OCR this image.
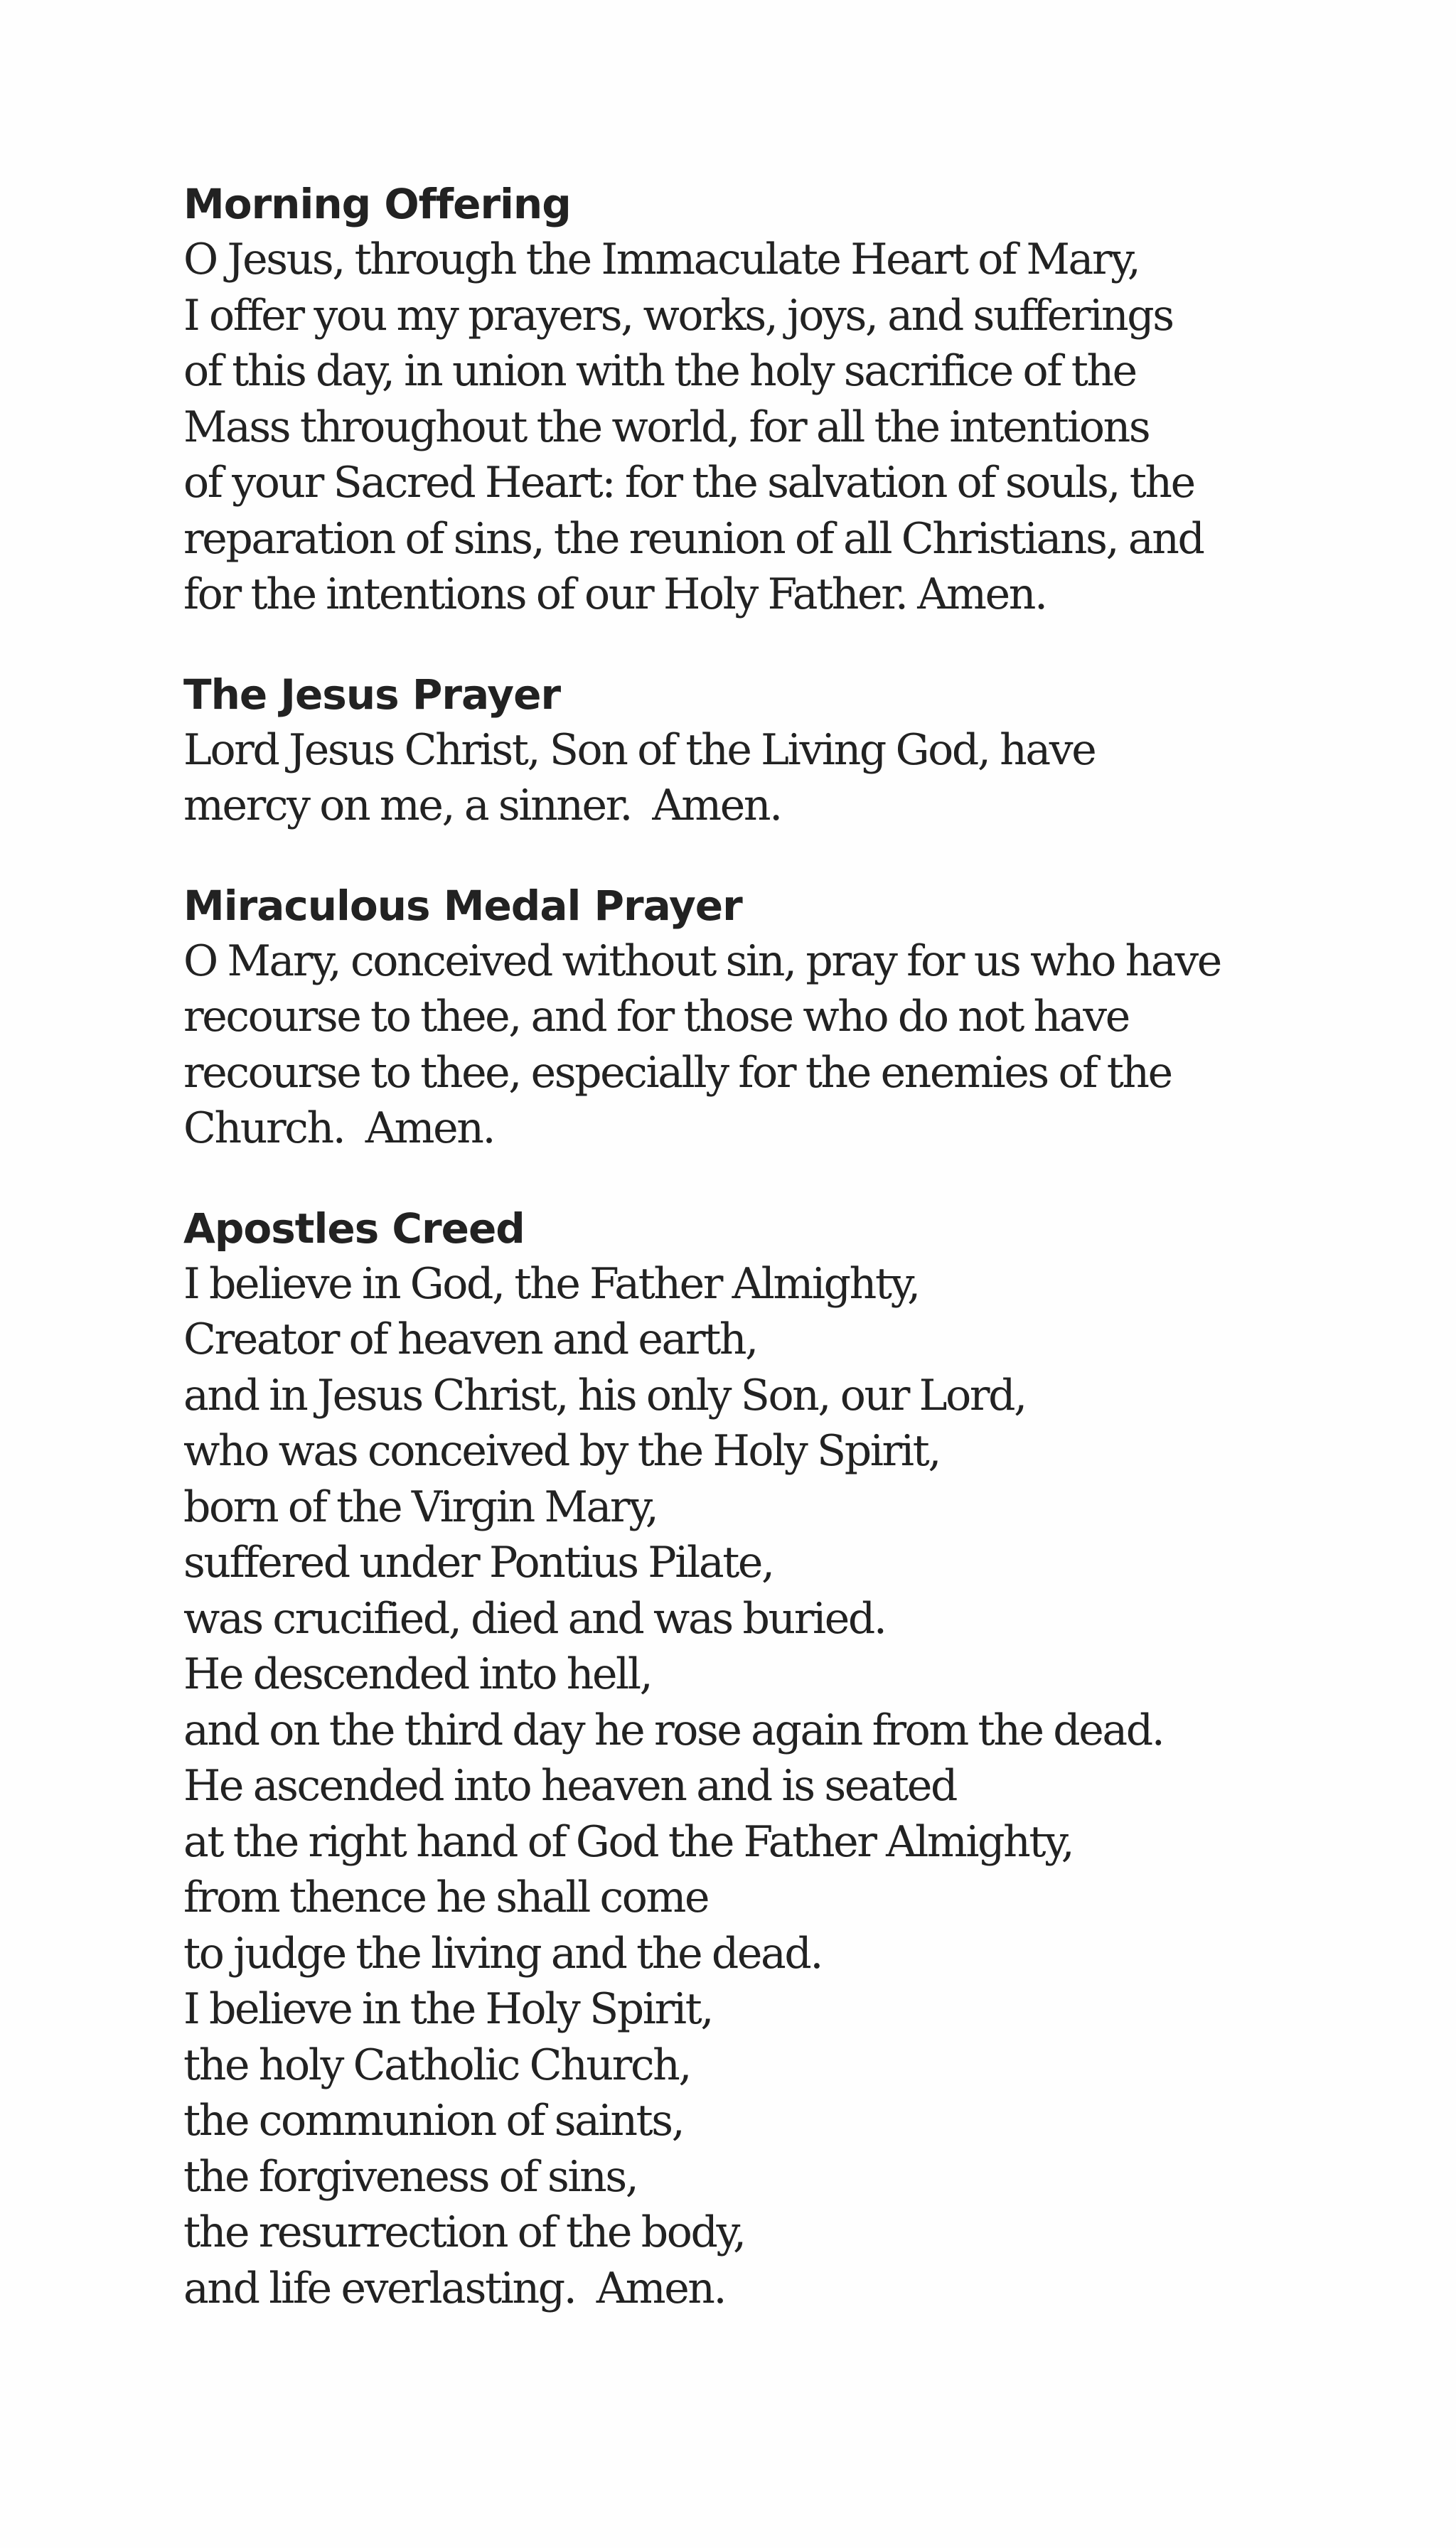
Morning Offering
O Jesus, through the Immaculate Heart of Mary,
I offer you my prayers, works, joys, and sufferings
of this day, in union with the holy sacrifice of the
Mass throughout the world, for all the intentions
of your Sacred Heart: for the salvation of souls, the
reparation of sins, the reunion of all Christians, and
for the intentions of our Holy Father. Amen.
The Jesus Prayer
Lord Jesus Christ, Son of the Living God, have
mercy on me, a sinner.  Amen.
Miraculous Medal Prayer
O Mary, conceived without sin, pray for us who have
recourse to thee, and for those who do not have
recourse to thee, especially for the enemies of the
Church.  Amen.
Apostles Creed
I believe in God, the Father Almighty,
Creator of heaven and earth,
and in Jesus Christ, his only Son, our Lord,
who was conceived by the Holy Spirit,
born of the Virgin Mary,
suffered under Pontius Pilate,
was crucified, died and was buried.
He descended into hell,
and on the third day he rose again from the dead.
He ascended into heaven and is seated
at the right hand of God the Father Almighty,
from thence he shall come
to judge the living and the dead.
I believe in the Holy Spirit,
the holy Catholic Church,
the communion of saints,
the forgiveness of sins,
the resurrection of the body,
and life everlasting.  Amen.
